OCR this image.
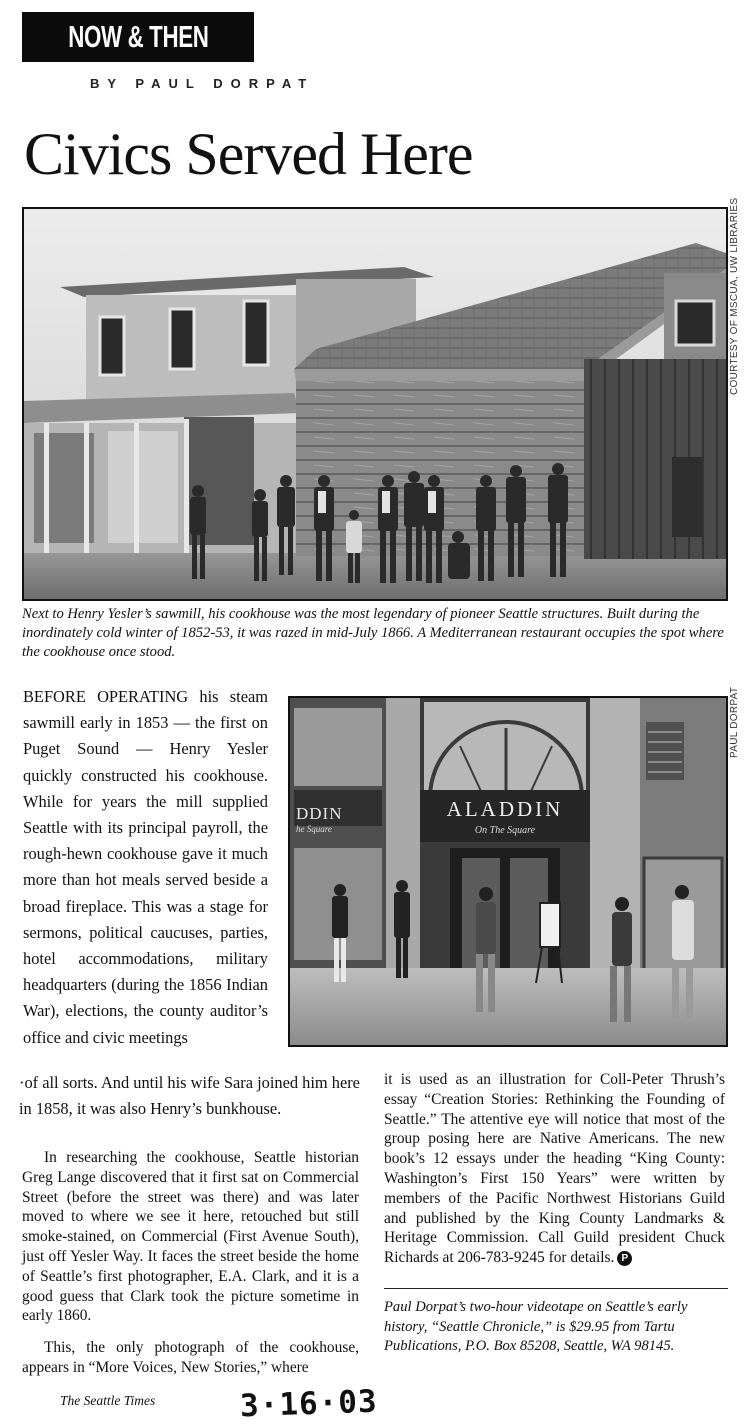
NOW & THEN
BY PAUL DORPAT
Civics Served Here
COURTESY OF MSCUA, UW LIBRARIES
Next to Henry Yesler’s sawmill, his cookhouse was the most legendary of pioneer Seattle structures. Built during the inordinately cold winter of 1852-53, it was razed in mid-July 1866. A Mediterranean restaurant occupies the spot where the cookhouse once stood.
DDIN
he Square
ALADDIN
On The Square
PAUL DORPAT
BEFORE OPERATING his steam sawmill early in 1853 — the first on Puget Sound — Henry Yesler quickly constructed his cookhouse. While for years the mill supplied Seattle with its principal payroll, the rough-hewn cookhouse gave it much more than hot meals served beside a broad fireplace. This was a stage for sermons, political caucuses, parties, hotel accommodations, military headquarters (during the 1856 Indian War), elections, the county auditor’s office and civic meetings
·of all sorts. And until his wife Sara joined him here in 1858, it was also Henry’s bunkhouse.
In researching the cookhouse, Seattle historian Greg Lange discovered that it first sat on Commercial Street (before the street was there) and was later moved to where we see it here, retouched but still smoke-stained, on Commercial (First Avenue South), just off Yesler Way. It faces the street beside the home of Seattle’s first photographer, E.A. Clark, and it is a good guess that Clark took the picture sometime in early 1860.
This, the only photograph of the cookhouse, appears in “More Voices, New Stories,” where
it is used as an illustration for Coll-Peter Thrush’s essay “Creation Stories: Rethinking the Founding of Seattle.” The attentive eye will notice that most of the group posing here are Native Americans. The new book’s 12 essays under the heading “King County: Washington’s First 150 Years” were written by members of the Pacific Northwest Historians Guild and published by the King County Landmarks & Heritage Commission. Call Guild president Chuck Richards at 206-783-9245 for details. P
Paul Dorpat’s two-hour videotape on Seattle’s early history, “Seattle Chronicle,” is $29.95 from Tartu Publications, P.O. Box 85208, Seattle, WA 98145.
The Seattle Times	3·16·03
